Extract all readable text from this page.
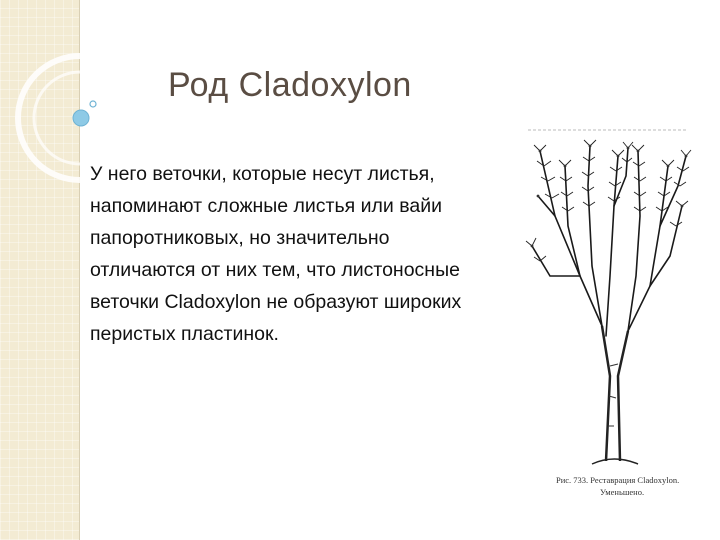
Род Cladoxylon

У него веточки, которые несут листья, напоминают сложные листья или вайи папоротниковых, но значительно отличаются от них тем, что листоносные веточки Cladoxylon не образуют широких перистых пластинок.

Рис. 733. Реставрация Cladoxylon.
Уменьшено.
